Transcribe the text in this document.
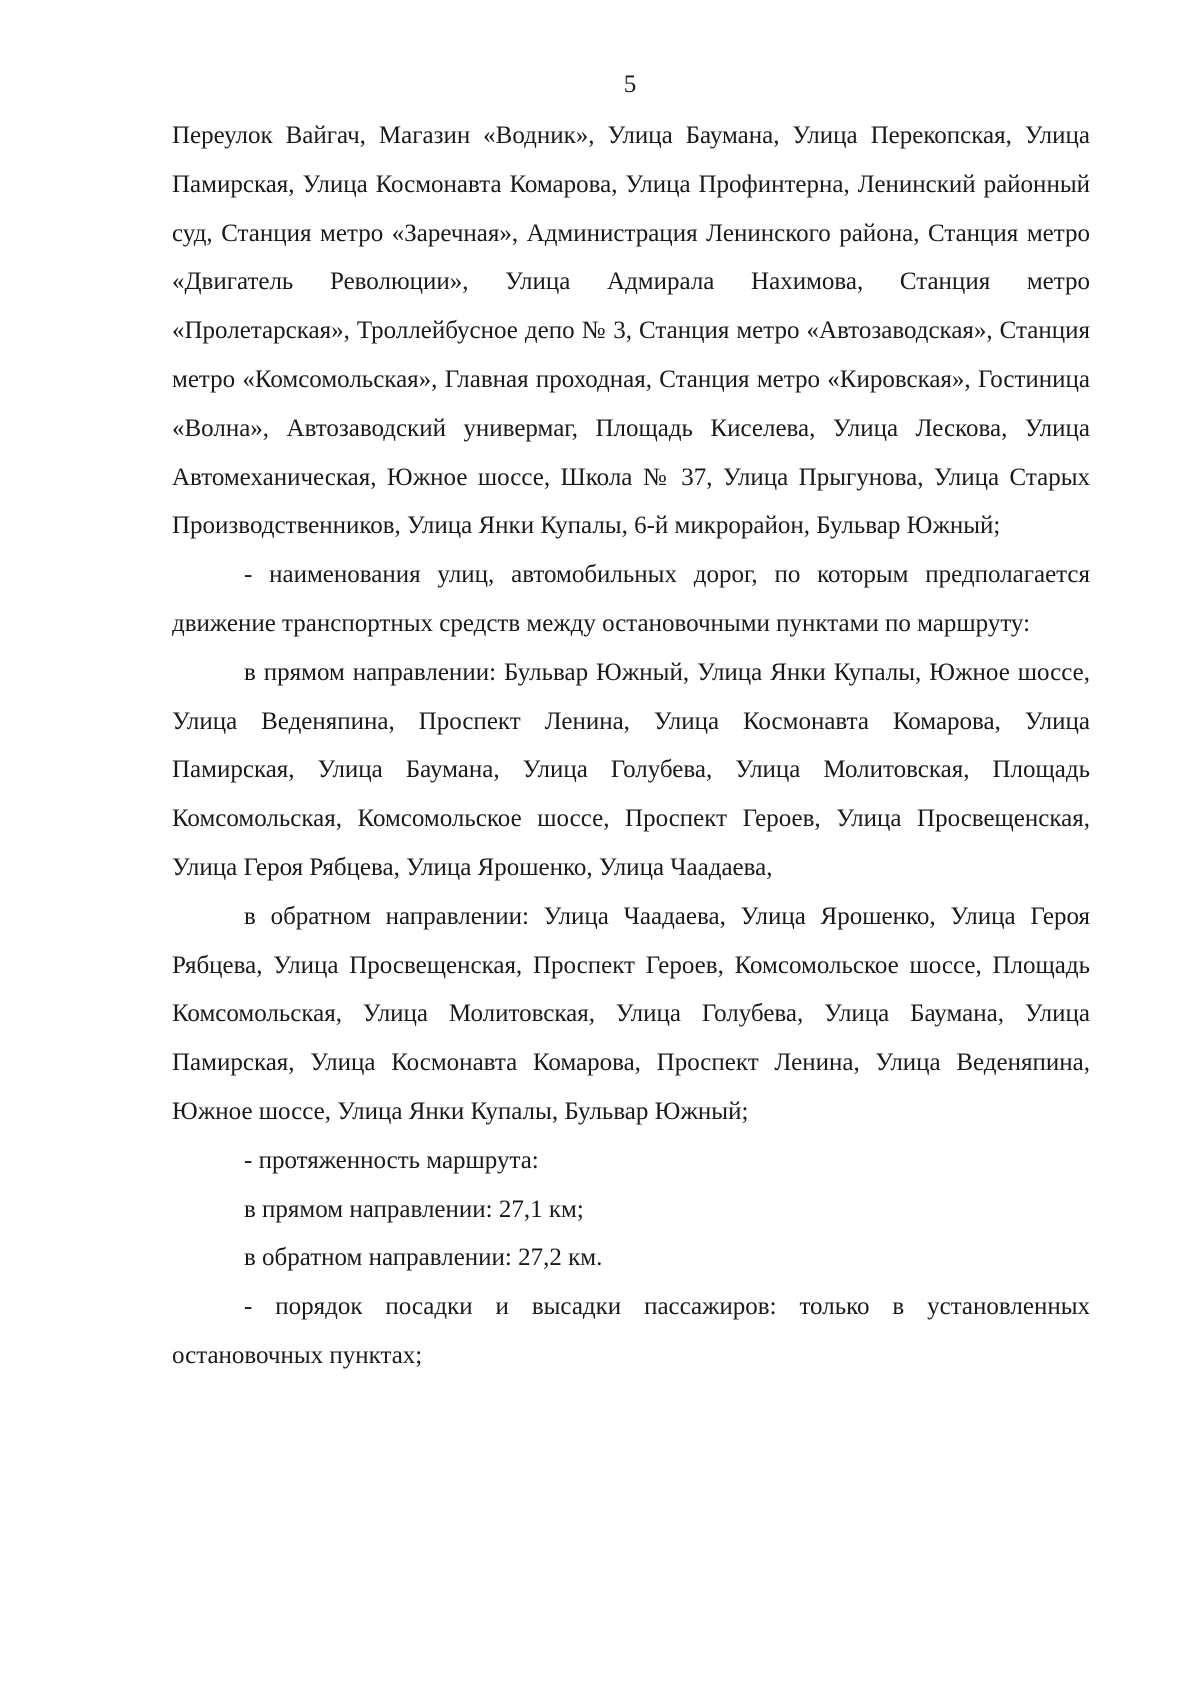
5

Переулок Вайгач, Магазин «Водник», Улица Баумана, Улица Перекопская, Улица Памирская, Улица Космонавта Комарова, Улица Профинтерна, Ленинский районный суд, Станция метро «Заречная», Администрация Ленинского района, Станция метро «Двигатель Революции», Улица Адмирала Нахимова, Станция метро «Пролетарская», Троллейбусное депо № 3, Станция метро «Автозаводская», Станция метро «Комсомольская», Главная проходная, Станция метро «Кировская», Гостиница «Волна», Автозаводский универмаг, Площадь Киселева, Улица Лескова, Улица Автомеханическая, Южное шоссе, Школа № 37, Улица Прыгунова, Улица Старых Производственников, Улица Янки Купалы, 6-й микрорайон, Бульвар Южный;

- наименования улиц, автомобильных дорог, по которым предполагается движение транспортных средств между остановочными пунктами по маршруту:

в прямом направлении: Бульвар Южный, Улица Янки Купалы, Южное шоссе, Улица Веденяпина, Проспект Ленина, Улица Космонавта Комарова, Улица Памирская, Улица Баумана, Улица Голубева, Улица Молитовская, Площадь Комсомольская, Комсомольское шоссе, Проспект Героев, Улица Просвещенская, Улица Героя Рябцева, Улица Ярошенко, Улица Чаадаева,

в обратном направлении: Улица Чаадаева, Улица Ярошенко, Улица Героя Рябцева, Улица Просвещенская, Проспект Героев, Комсомольское шоссе, Площадь Комсомольская, Улица Молитовская, Улица Голубева, Улица Баумана, Улица Памирская, Улица Космонавта Комарова, Проспект Ленина, Улица Веденяпина, Южное шоссе, Улица Янки Купалы, Бульвар Южный;

- протяженность маршрута:

в прямом направлении: 27,1 км;

в обратном направлении: 27,2 км.

- порядок посадки и высадки пассажиров: только в установленных остановочных пунктах;
